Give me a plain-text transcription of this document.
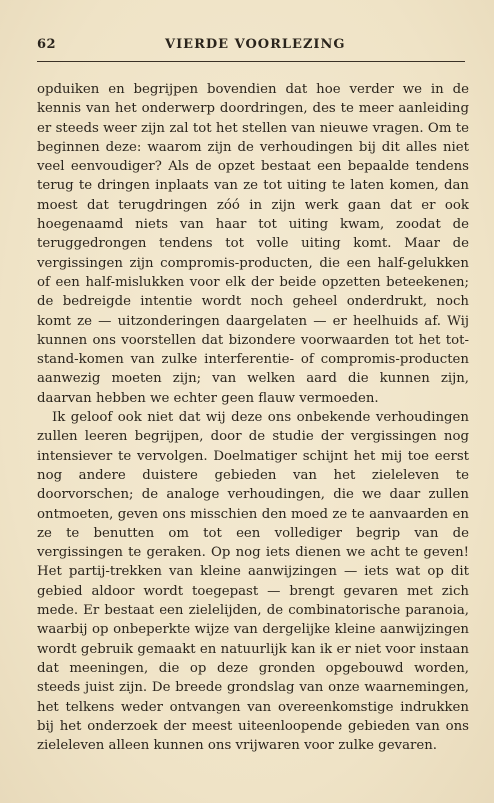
62	VIERDE VOORLEZING

opduiken en begrijpen bovendien dat hoe verder we in de kennis van het onderwerp doordringen, des te meer aanleiding er steeds weer zijn zal tot het stellen van nieuwe vragen. Om te beginnen deze: waarom zijn de verhoudingen bij dit alles niet veel eenvoudiger? Als de opzet bestaat een bepaalde tendens terug te dringen inplaats van ze tot uiting te laten komen, dan moest dat terugdringen zóó in zijn werk gaan dat er ook hoegenaamd niets van haar tot uiting kwam, zoodat de teruggedrongen tendens tot volle uiting komt. Maar de vergissingen zijn compromis-producten, die een half-gelukken of een half-mislukken voor elk der beide opzetten beteekenen; de bedreigde intentie wordt noch geheel onderdrukt, noch komt ze — uitzonderingen daargelaten — er heelhuids af. Wij kunnen ons voorstellen dat bizondere voorwaarden tot het tot-stand-komen van zulke interferentie- of compromis-producten aanwezig moeten zijn; van welken aard die kunnen zijn, daarvan hebben we echter geen flauw vermoeden.

Ik geloof ook niet dat wij deze ons onbekende verhoudingen zullen leeren begrijpen, door de studie der vergissingen nog intensiever te vervolgen. Doelmatiger schijnt het mij toe eerst nog andere duistere gebieden van het zieleleven te doorvorschen; de analoge verhoudingen, die we daar zullen ontmoeten, geven ons misschien den moed ze te aanvaarden en ze te benutten om tot een vollediger begrip van de vergissingen te geraken. Op nog iets dienen we acht te geven! Het partij-trekken van kleine aanwijzingen — iets wat op dit gebied aldoor wordt toegepast — brengt gevaren met zich mede. Er bestaat een zielelijden, de combinatorische paranoia, waarbij op onbeperkte wijze van dergelijke kleine aanwijzingen wordt gebruik gemaakt en natuurlijk kan ik er niet voor instaan dat meeningen, die op deze gronden opgebouwd worden, steeds juist zijn. De breede grondslag van onze waarnemingen, het telkens weder ontvangen van overeenkomstige indrukken bij het onderzoek der meest uiteenloopende gebieden van ons zieleleven alleen kunnen ons vrijwaren voor zulke gevaren.
